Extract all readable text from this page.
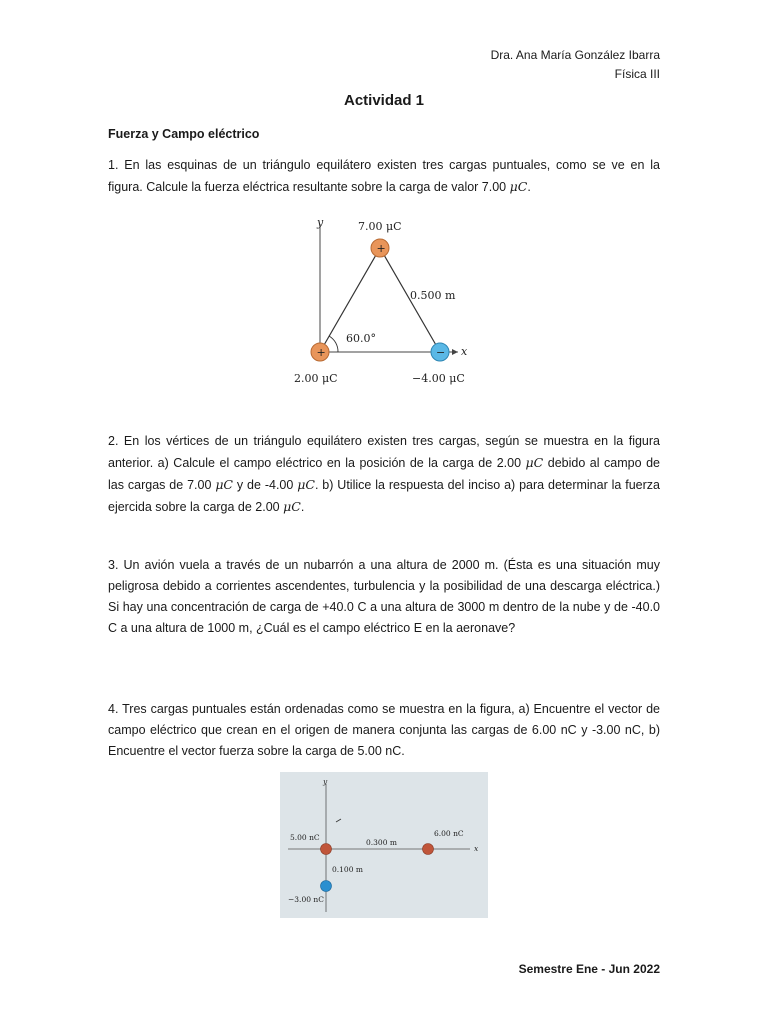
Dra. Ana María González Ibarra
Física III
Actividad 1
Fuerza y Campo eléctrico

1. En las esquinas de un triángulo equilátero existen tres cargas puntuales, como se ve en la figura. Calcule la fuerza eléctrica resultante sobre la carga de valor 7.00 μC.

y
x
60.0°
0.500 m
+
7.00 μC
+
2.00 μC
−
−4.00 μC

2. En los vértices de un triángulo equilátero existen tres cargas, según se muestra en la figura anterior. a) Calcule el campo eléctrico en la posición de la carga de 2.00 μC debido al campo de las cargas de 7.00 μC y de -4.00 μC. b) Utilice la respuesta del inciso a) para determinar la fuerza ejercida sobre la carga de 2.00 μC.

3. Un avión vuela a través de un nubarrón a una altura de 2000 m. (Ésta es una situación muy peligrosa debido a corrientes ascendentes, turbulencia y la posibilidad de una descarga eléctrica.) Si hay una concentración de carga de +40.0 C a una altura de 3000 m dentro de la nube y de -40.0 C a una altura de 1000 m, ¿Cuál es el campo eléctrico E en la aeronave?

4. Tres cargas puntuales están ordenadas como se muestra en la figura, a) Encuentre el vector de campo eléctrico que crean en el origen de manera conjunta las cargas de 6.00 nC y -3.00 nC, b) Encuentre el vector fuerza sobre la carga de 5.00 nC.

y
x
5.00 nC	6.00 nC
0.300 m
−3.00 nC
0.100 m
Semestre Ene - Jun 2022
